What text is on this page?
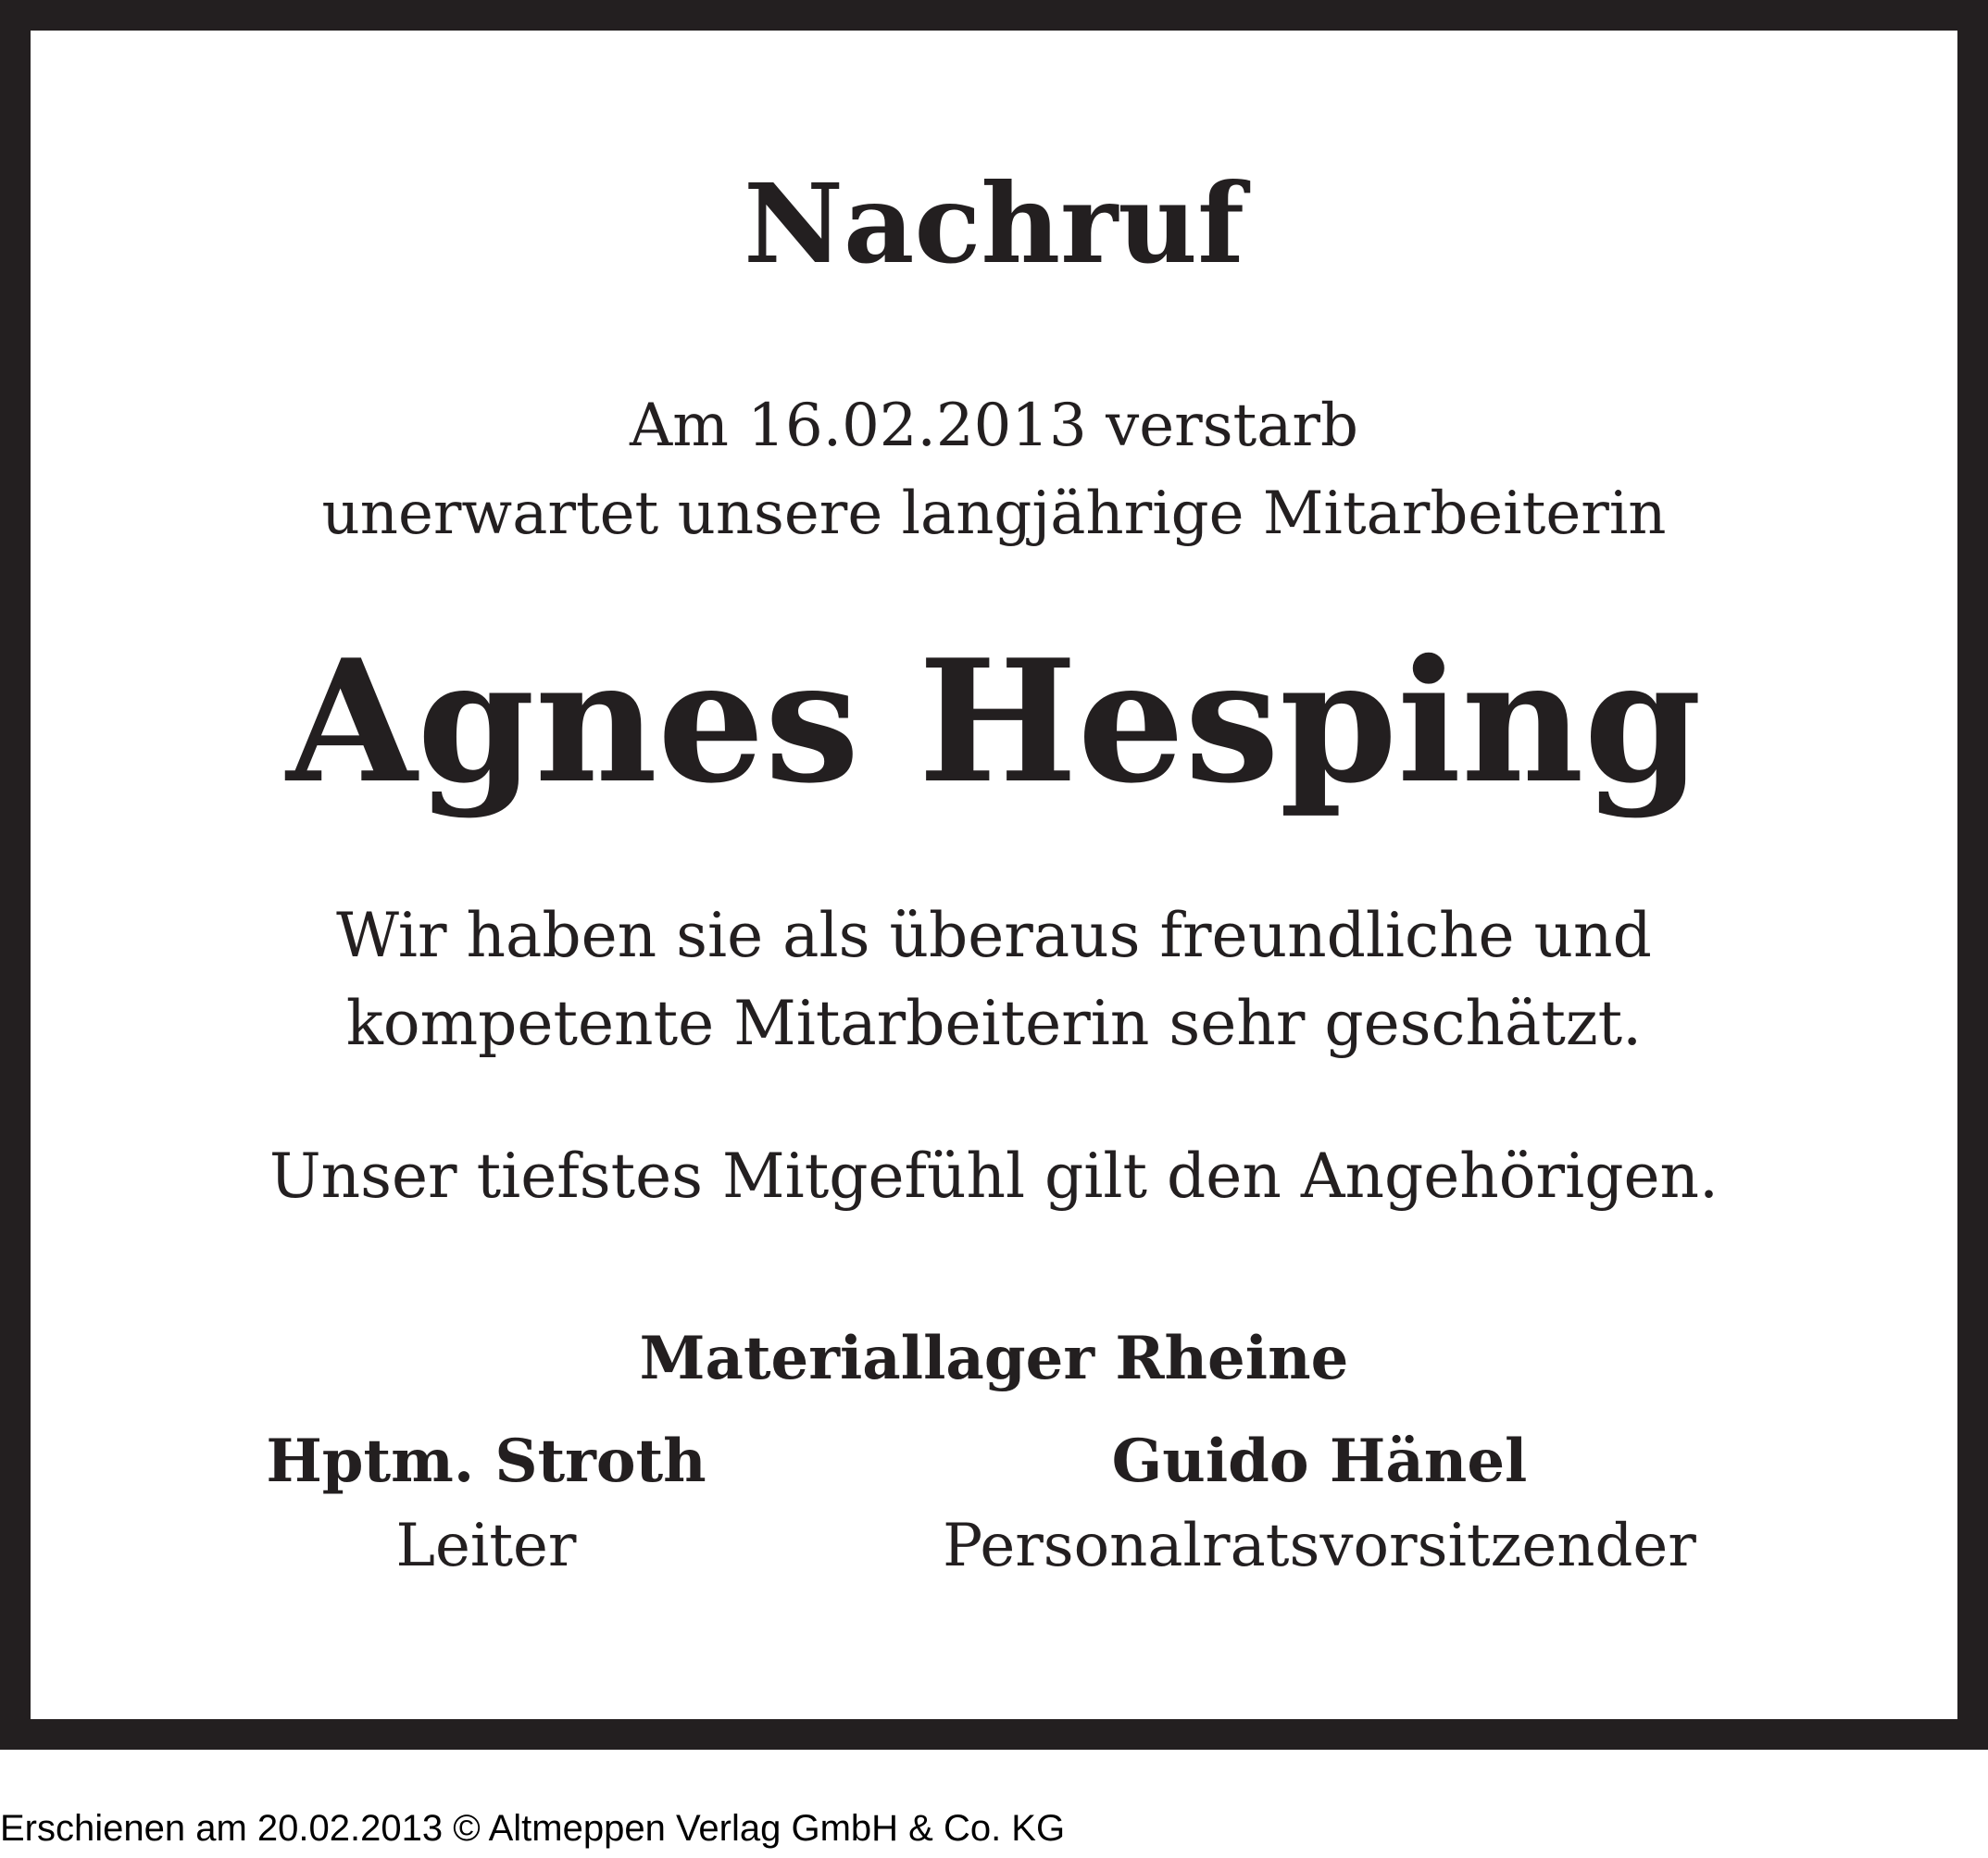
Nachruf
Am 16.02.2013 verstarb
unerwartet unsere langjährige Mitarbeiterin
Agnes Hesping
Wir haben sie als überaus freundliche und
kompetente Mitarbeiterin sehr geschätzt.
Unser tiefstes Mitgefühl gilt den Angehörigen.
Materiallager Rheine
Hptm. Stroth
Leiter
Guido Hänel
Personalratsvorsitzender
Erschienen am 20.02.2013 © Altmeppen Verlag GmbH & Co. KG
